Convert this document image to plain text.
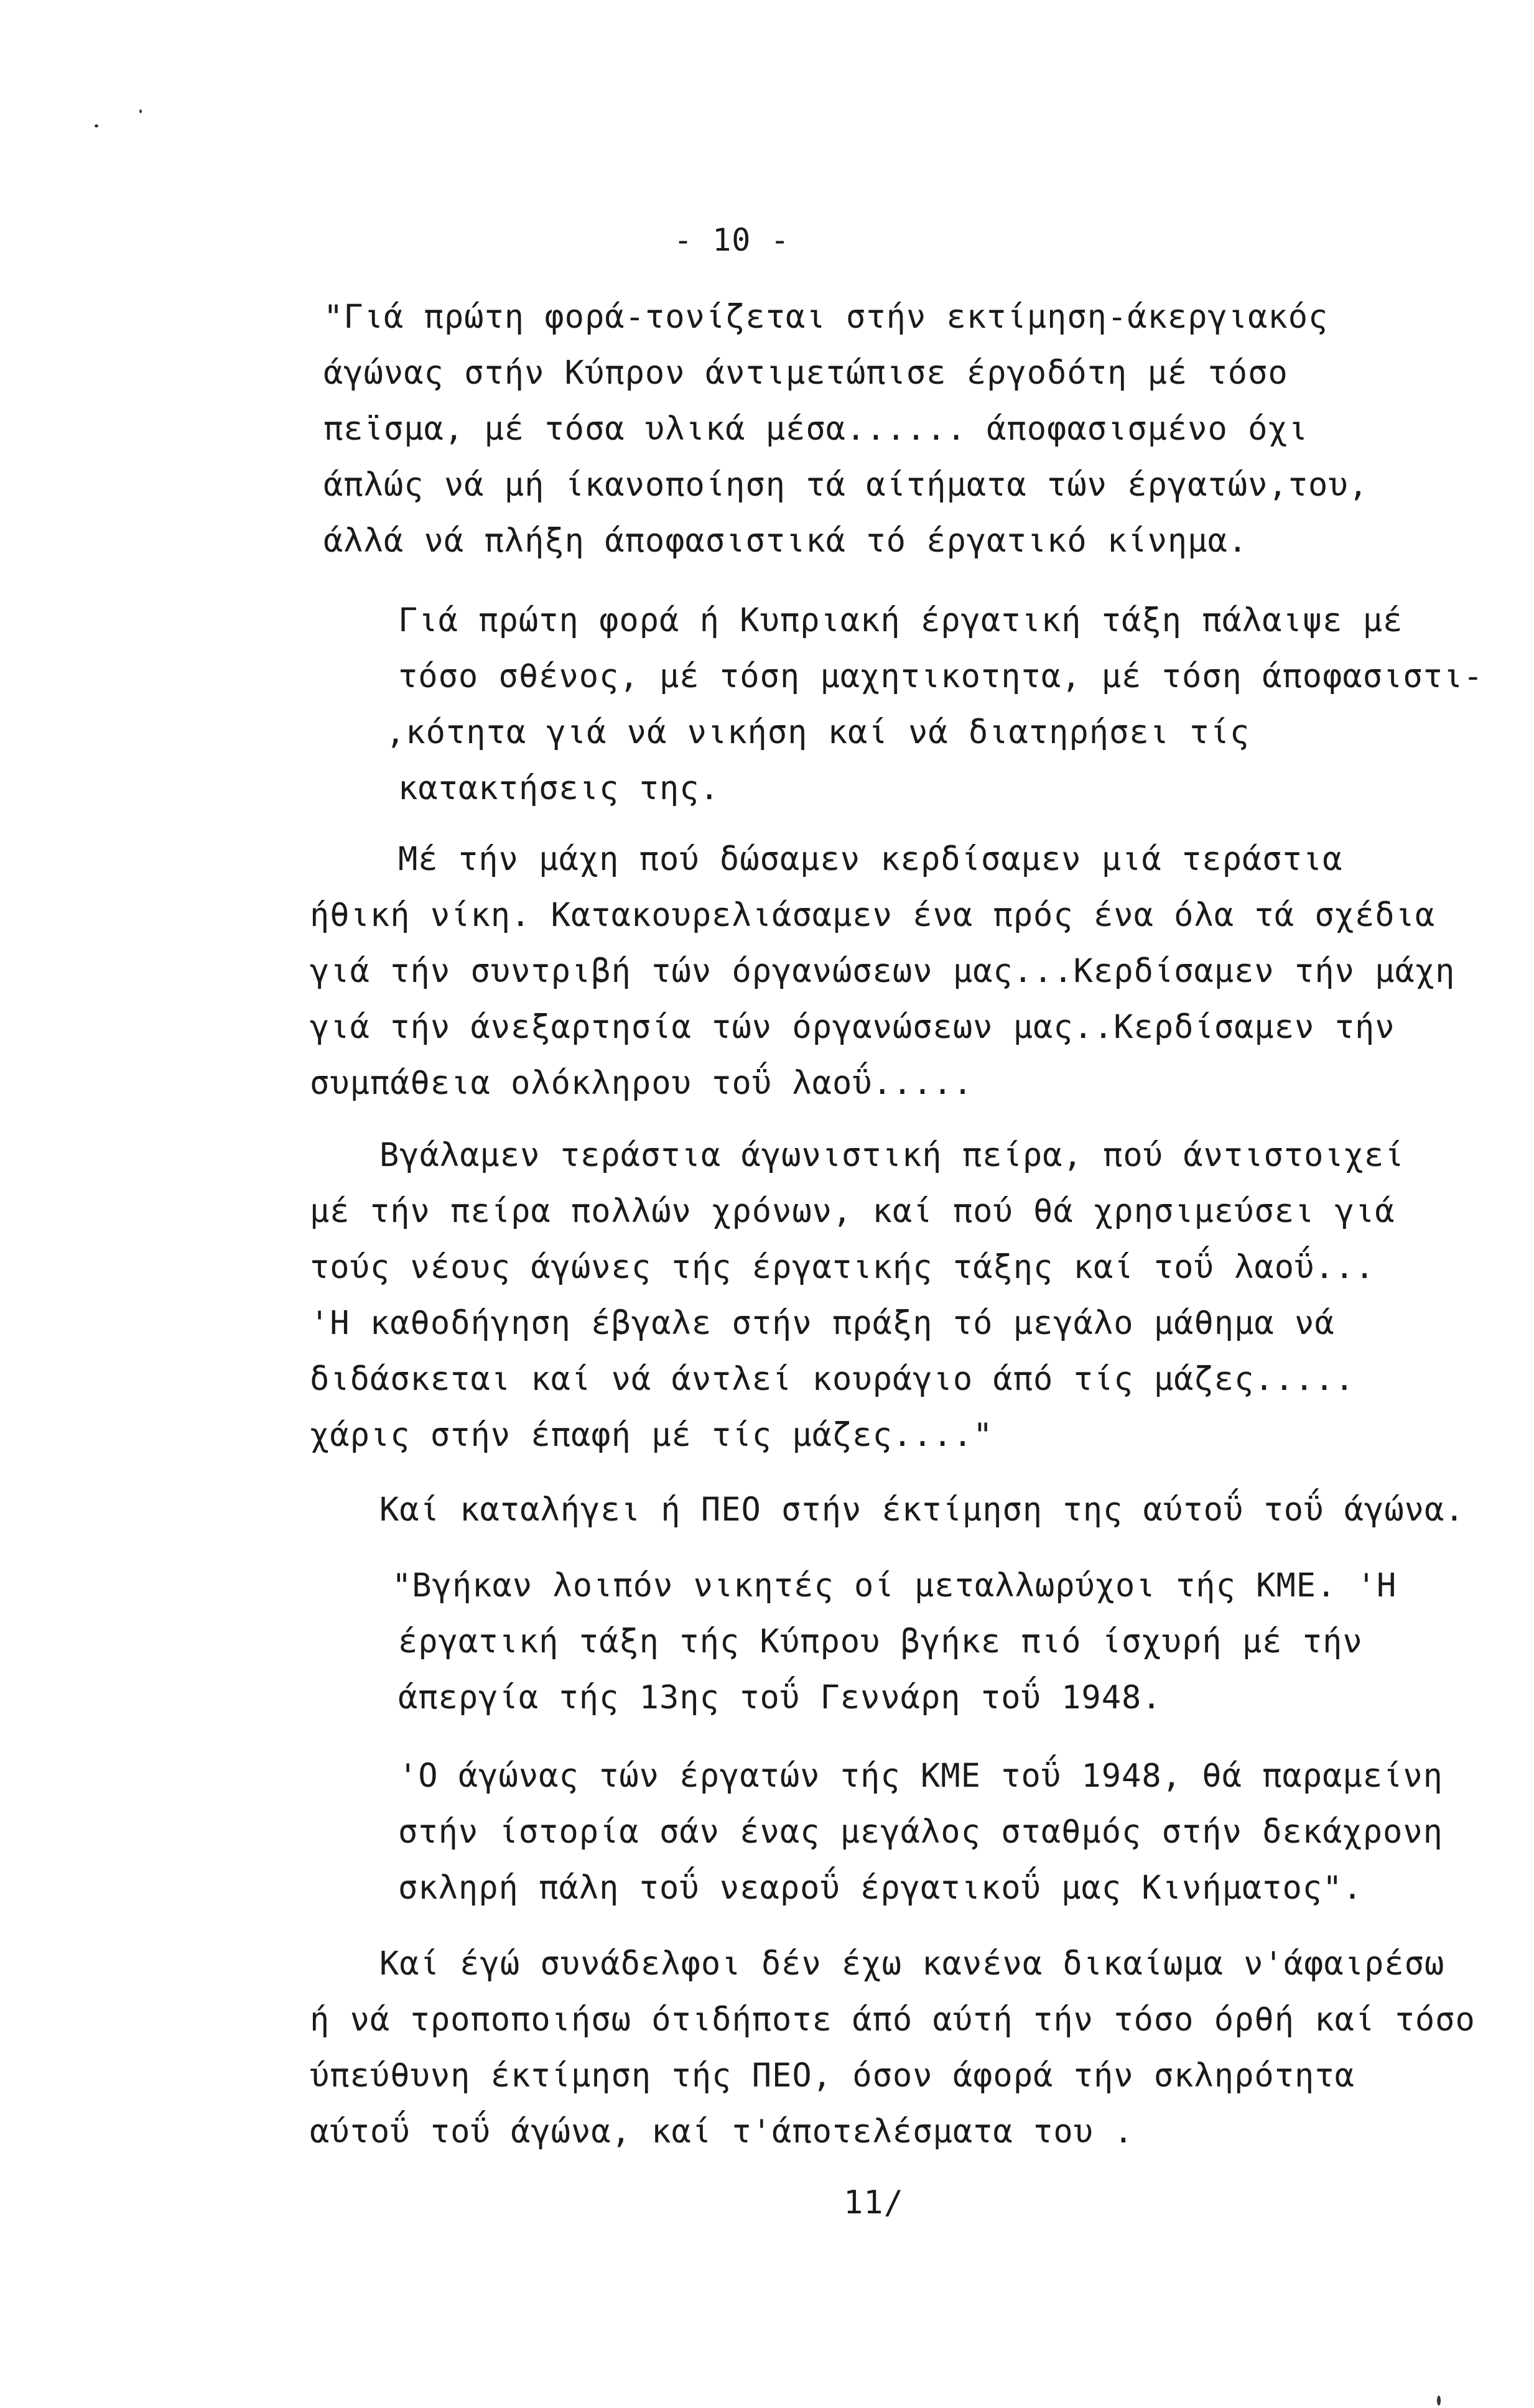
- 10 -
"Γιά πρώτη φορά-τονίζεται στήν εκτίμηση-άκεργιακός
άγώνας στήν Κύπρον άντιμετώπισε έργοδότη μέ τόσο
πεϊσμα, μέ τόσα υλικά μέσα...... άποφασισμένο όχι
άπλώς νά μή ίκανοποίηση τά αίτήματα τών έργατών,του,
άλλά νά πλήξη άποφασιστικά τό έργατικό κίνημα.
Γιά πρώτη φορά ή Κυπριακή έργατική τάξη πάλαιψε μέ
τόσο σθένος, μέ τόση μαχητικοτητα, μέ τόση άποφασιστι-
,κότητα γιά νά νικήση καί νά διατηρήσει τίς
κατακτήσεις της.
Μέ τήν μάχη πού δώσαμεν κερδίσαμεν μιά τεράστια
ήθική νίκη. Κατακουρελιάσαμεν ένα πρός ένα όλα τά σχέδια
γιά τήν συντριβή τών όργανώσεων μας...Κερδίσαμεν τήν μάχη
γιά τήν άνεξαρτησία τών όργανώσεων μας..Κερδίσαμεν τήν
συμπάθεια ολόκληρου τοΰ λαοΰ.....
Βγάλαμεν τεράστια άγωνιστική πείρα, πού άντιστοιχεί
μέ τήν πείρα πολλών χρόνων, καί πού θά χρησιμεύσει γιά
τούς νέους άγώνες τής έργατικής τάξης καί τοΰ λαοΰ...
'Η καθοδήγηση έβγαλε στήν πράξη τό μεγάλο μάθημα νά
διδάσκεται καί νά άντλεί κουράγιο άπό τίς μάζες.....
χάρις στήν έπαφή μέ τίς μάζες...."
Καί καταλήγει ή ΠΕΟ στήν έκτίμηση της αύτοΰ τοΰ άγώνα.
"Βγήκαν λοιπόν νικητές οί μεταλλωρύχοι τής ΚΜΕ. 'Η
έργατική τάξη τής Κύπρου βγήκε πιό ίσχυρή μέ τήν
άπεργία τής 13ης τοΰ Γεννάρη τοΰ 1948.
'Ο άγώνας τών έργατών τής ΚΜΕ τοΰ 1948, θά παραμείνη
στήν ίστορία σάν ένας μεγάλος σταθμός στήν δεκάχρονη
σκληρή πάλη τοΰ νεαροΰ έργατικοΰ μας Κινήματος".
Καί έγώ συνάδελφοι δέν έχω κανένα δικαίωμα ν'άφαιρέσω
ή νά τροποποιήσω ότιδήποτε άπό αύτή τήν τόσο όρθή καί τόσο
ύπεύθυνη έκτίμηση τής ΠΕΟ, όσον άφορά τήν σκληρότητα
αύτοΰ τοΰ άγώνα, καί τ'άποτελέσματα του .
11/
